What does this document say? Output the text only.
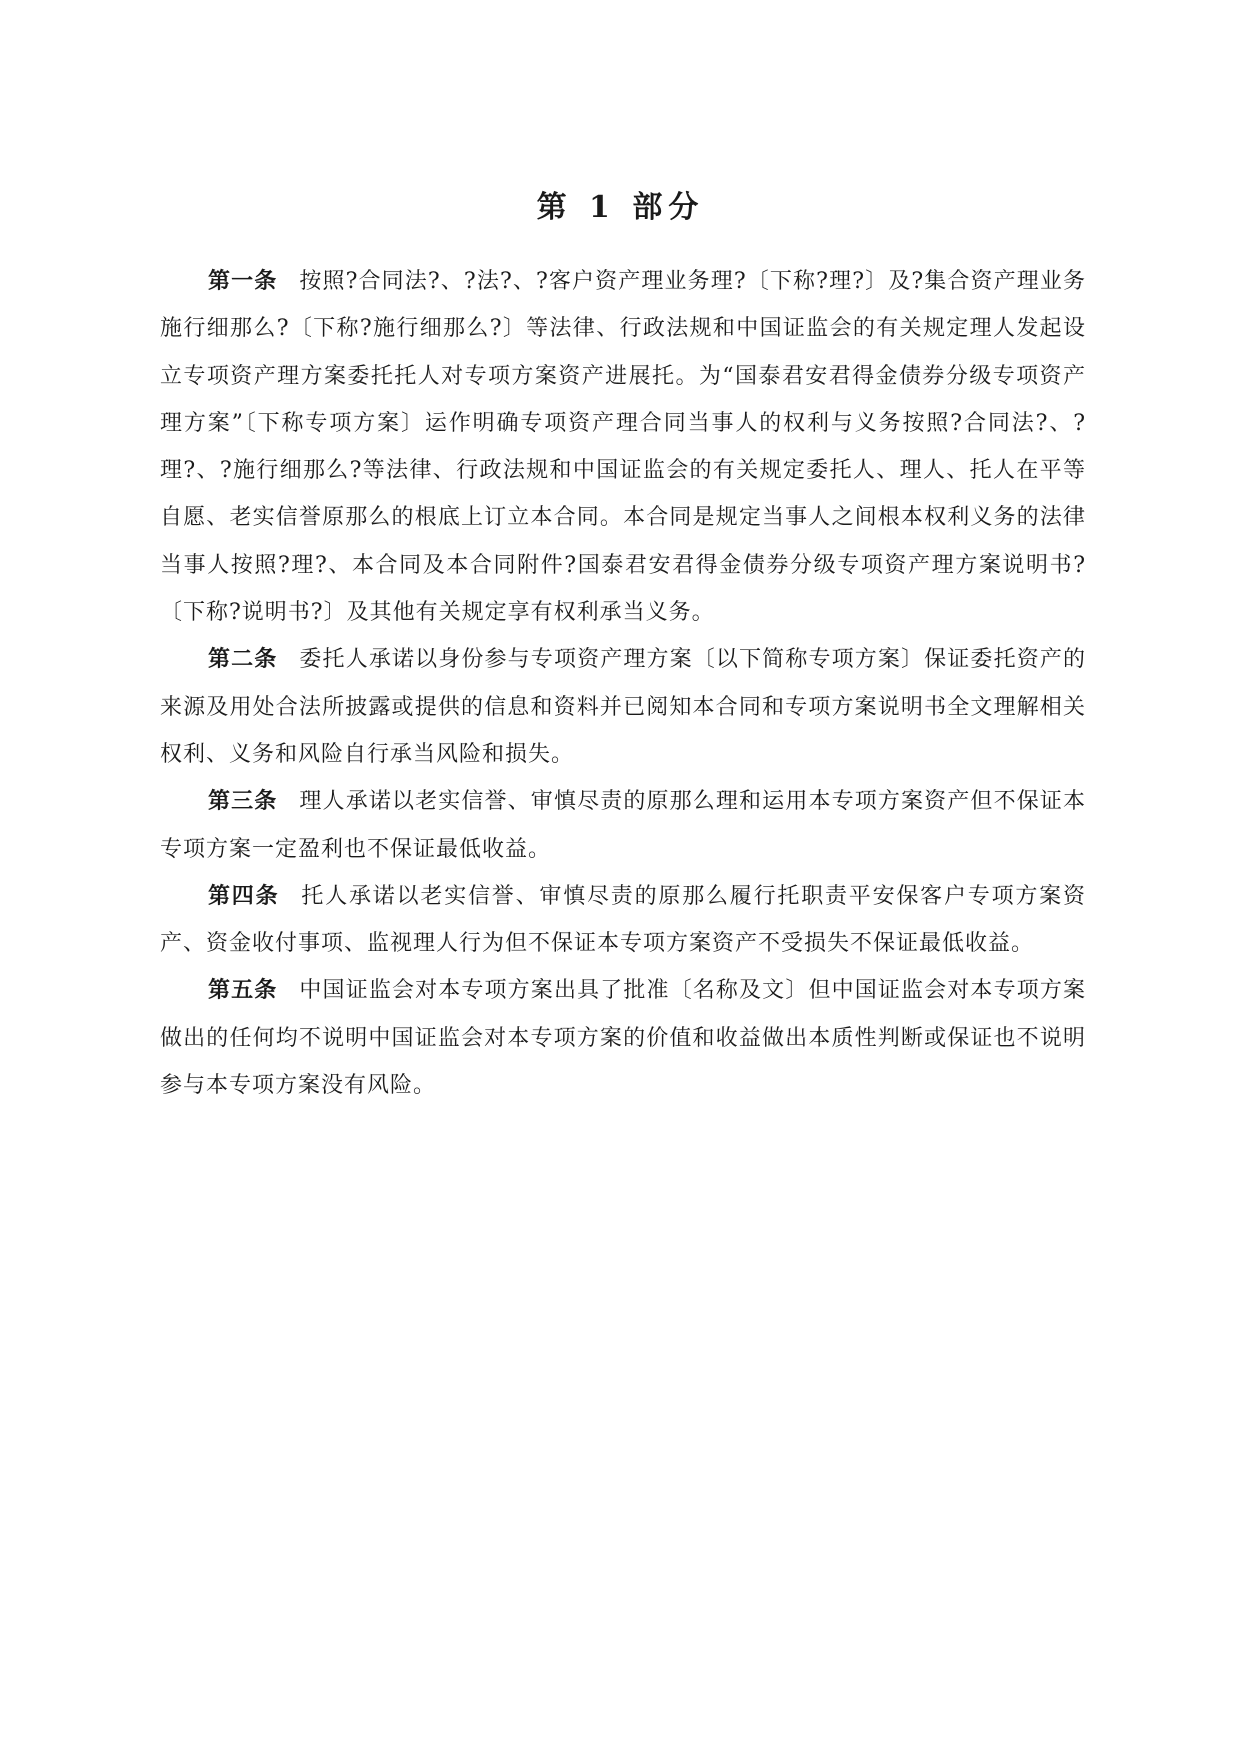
第 1 部分

第一条 按照?合同法?、?法?、?客户资产理业务理?〔下称?理?〕及?集合资产理业务施行细那么?〔下称?施行细那么?〕等法律、行政法规和中国证监会的有关规定理人发起设立专项资产理方案委托托人对专项方案资产进展托。为“国泰君安君得金债券分级专项资产理方案”〔下称专项方案〕运作明确专项资产理合同当事人的权利与义务按照?合同法?、?理?、?施行细那么?等法律、行政法规和中国证监会的有关规定委托人、理人、托人在平等自愿、老实信誉原那么的根底上订立本合同。本合同是规定当事人之间根本权利义务的法律当事人按照?理?、本合同及本合同附件?国泰君安君得金债券分级专项资产理方案说明书?〔下称?说明书?〕及其他有关规定享有权利承当义务。

第二条 委托人承诺以身份参与专项资产理方案〔以下简称专项方案〕保证委托资产的来源及用处合法所披露或提供的信息和资料并已阅知本合同和专项方案说明书全文理解相关权利、义务和风险自行承当风险和损失。

第三条 理人承诺以老实信誉、审慎尽责的原那么理和运用本专项方案资产但不保证本专项方案一定盈利也不保证最低收益。

第四条 托人承诺以老实信誉、审慎尽责的原那么履行托职责平安保客户专项方案资产、资金收付事项、监视理人行为但不保证本专项方案资产不受损失不保证最低收益。

第五条 中国证监会对本专项方案出具了批准〔名称及文〕但中国证监会对本专项方案做出的任何均不说明中国证监会对本专项方案的价值和收益做出本质性判断或保证也不说明参与本专项方案没有风险。
